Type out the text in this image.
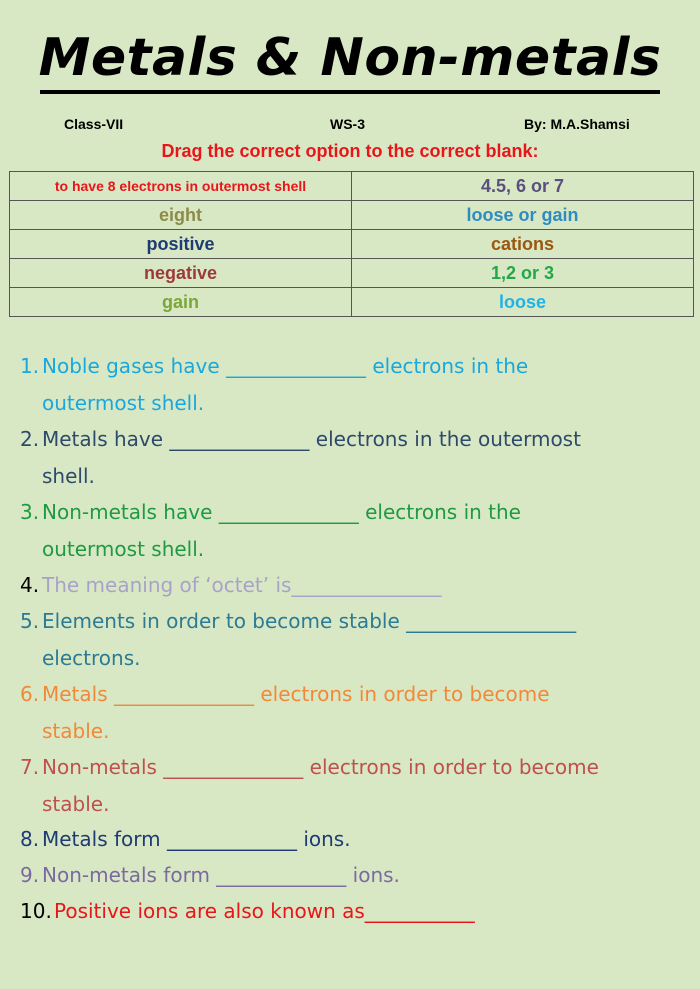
Metals & Non-metals
Class-VII	WS-3	By: M.A.Shamsi
Drag the correct option to the correct blank:
to have 8 electrons in outermost shell	4.5, 6 or 7
eight	loose or gain
positive	cations
negative	1,2 or 3
gain	loose
1. Noble gases have ______________ electrons in the
outermost shell.
2. Metals have ______________ electrons in the outermost
shell.
3. Non-metals have ______________ electrons in the
outermost shell.
4. The meaning of ‘octet’ is_______________
5. Elements in order to become stable _________________
electrons.
6. Metals ______________ electrons in order to become
stable.
7. Non-metals ______________ electrons in order to become
stable.
8. Metals form _____________ ions.
9. Non-metals form _____________ ions.
10. Positive ions are also known as___________
